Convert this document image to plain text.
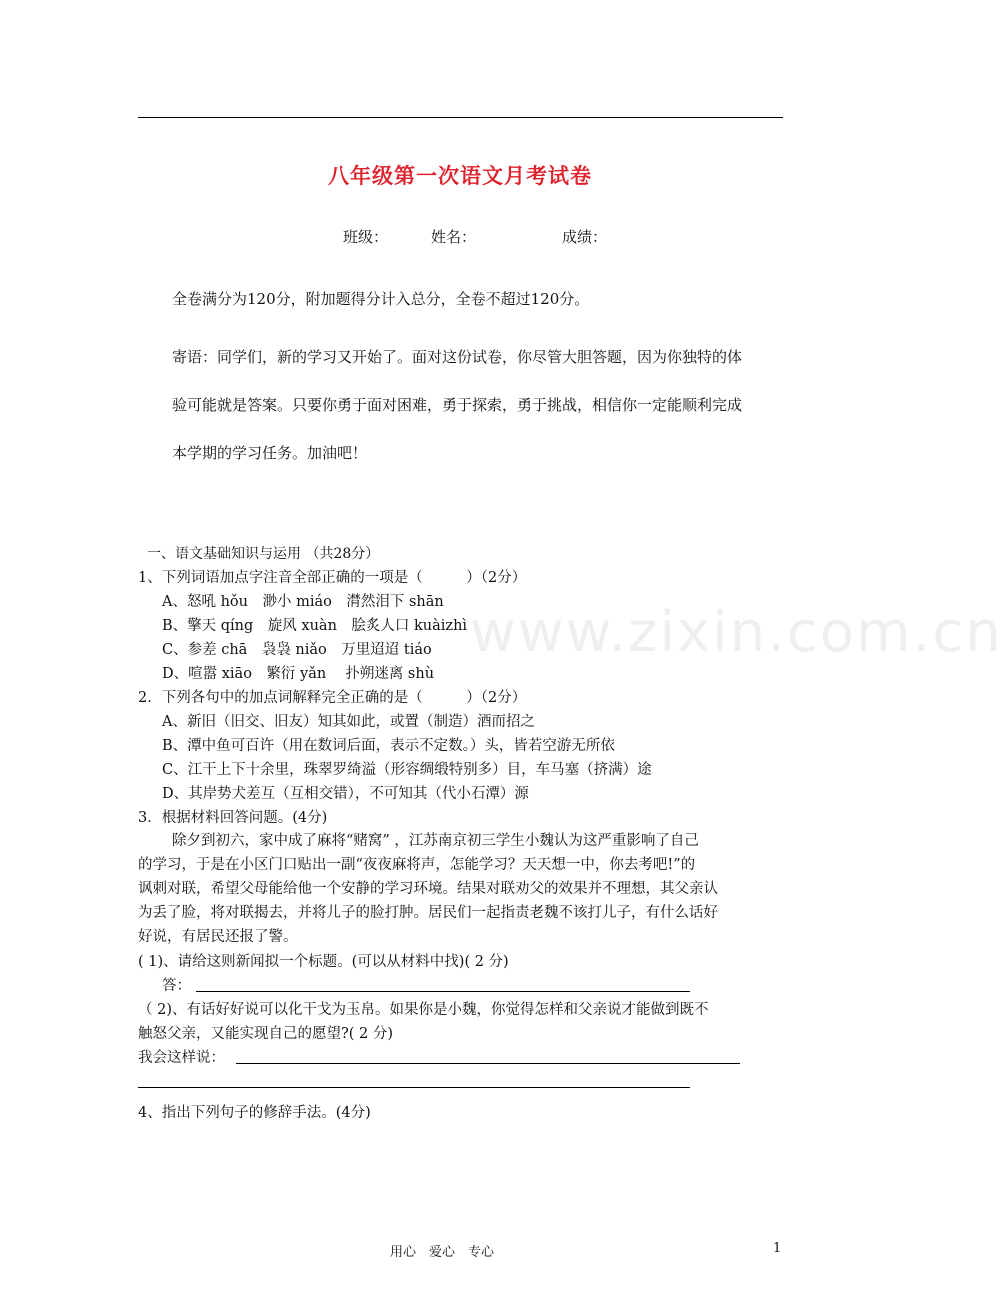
八年级第一次语文月考试卷
班级：	姓名：	成绩：
全卷满分为120分，附加题得分计入总分，全卷不超过120分。
寄语：同学们，新的学习又开始了。面对这份试卷，你尽管大胆答题，因为你独特的体
验可能就是答案。只要你勇于面对困难，勇于探索，勇于挑战，相信你一定能顺利完成
本学期的学习任务。加油吧！
www.zixin.com.cn
一、语文基础知识与运用 （共28分）
1、下列词语加点字注音全部正确的一项是（　　　）（2分）
A、怒吼 hǒu　渺小 miáo　潸然泪下 shān
B、擎天 qíng　旋风 xuàn　脍炙人口 kuàizhì
C、参差 chā　袅袅 niǎo　万里迢迢 tiáo
D、喧嚣 xiāo　繁衍 yǎn　 扑朔迷离 shù
2．下列各句中的加点词解释完全正确的是（　　　）（2分）
A、新旧（旧交、旧友）知其如此，或置（制造）酒而招之
B、潭中鱼可百许（用在数词后面，表示不定数。）头，皆若空游无所依
C、江干上下十余里，珠翠罗绮溢（形容绸缎特别多）目，车马塞（挤满）途
D、其岸势犬差互（互相交错），不可知其（代小石潭）源
3．根据材料回答问题。(4分)
除夕到初六，家中成了麻将“赌窝” ，江苏南京初三学生小魏认为这严重影响了自己
的学习，于是在小区门口贴出一副“夜夜麻将声，怎能学习？天天想一中，你去考吧!”的
讽刺对联，希望父母能给他一个安静的学习环境。结果对联劝父的效果并不理想，其父亲认
为丢了脸，将对联揭去，并将儿子的脸打肿。居民们一起指责老魏不该打儿子，有什么话好
好说，有居民还报了警。
( 1)、请给这则新闻拟一个标题。(可以从材料中找)( 2 分)
答：
（ 2)、有话好好说可以化干戈为玉帛。如果你是小魏，你觉得怎样和父亲说才能做到既不
触怒父亲，又能实现自己的愿望?( 2 分)
我会这样说：
4、指出下列句子的修辞手法。(4分)
用心　爱心　专心	1
